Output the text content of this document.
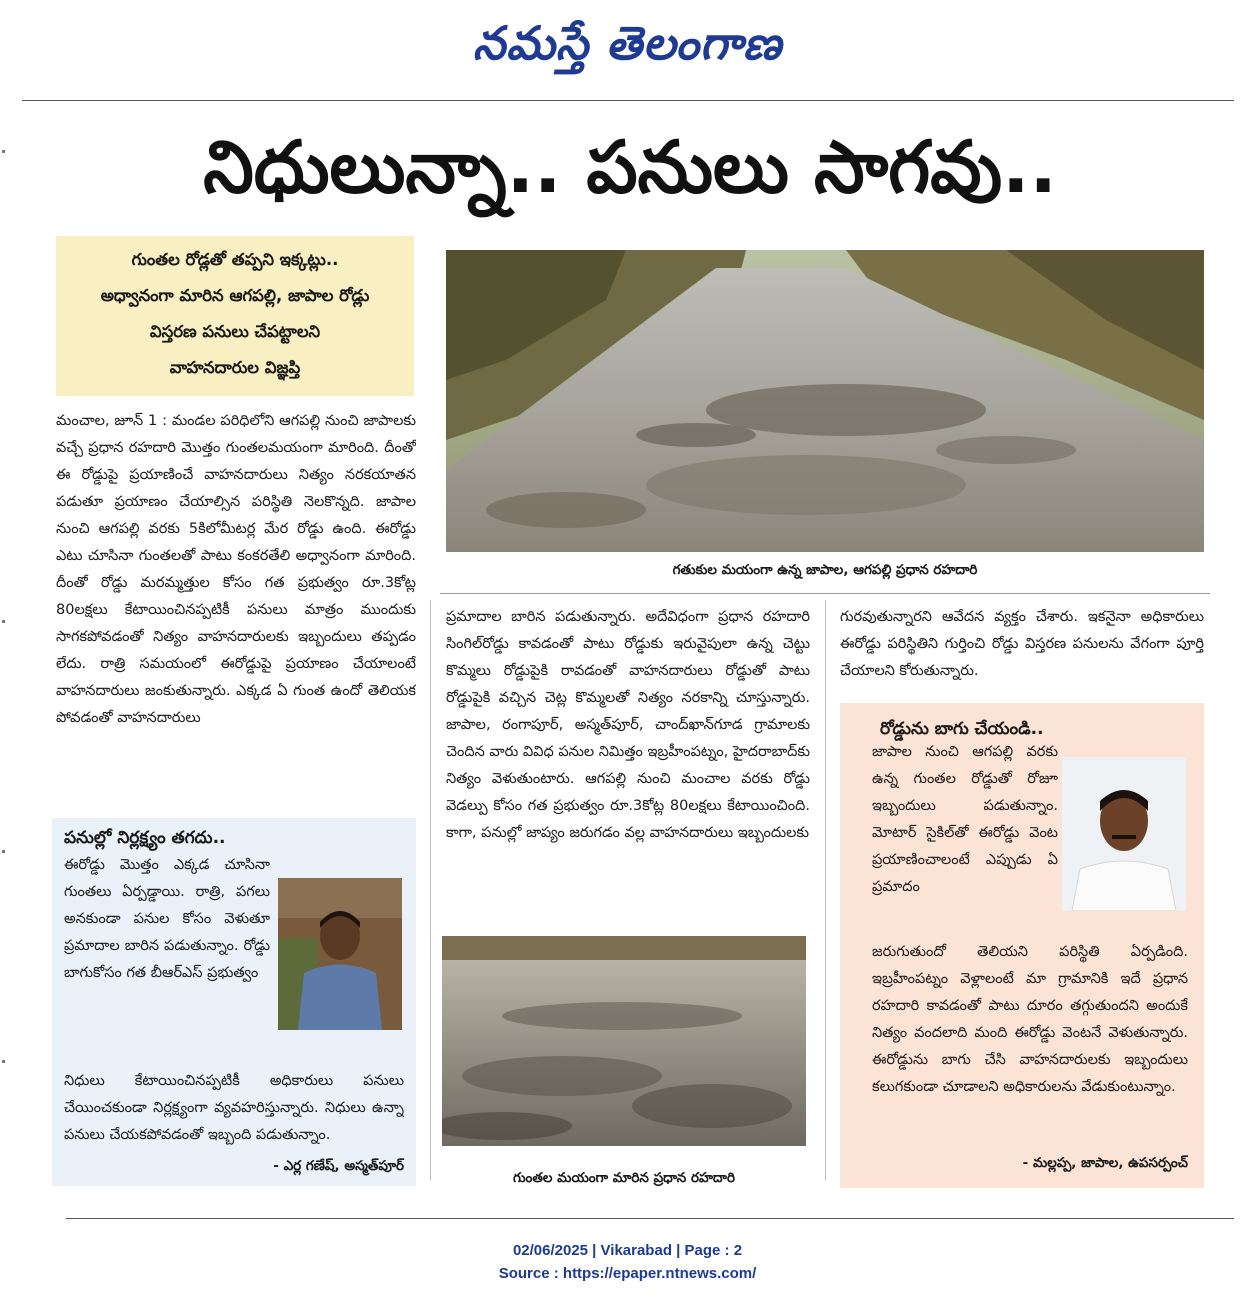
నమస్తే తెలంగాణ
నిధులున్నా.. పనులు సాగవు..
గుంతల రోడ్లతో తప్పని ఇక్కట్లు..
అధ్వానంగా మారిన ఆగపల్లి, జాపాల రోడ్లు
విస్తరణ పనులు చేపట్టాలని
వాహనదారుల విజ్ఞప్తి
గతుకుల మయంగా ఉన్న జాపాల, ఆగపల్లి ప్రధాన రహదారి
మంచాల, జూన్ 1 : మండల పరిధిలోని ఆగపల్లి నుంచి జాపాలకు వచ్చే ప్రధాన రహదారి మొత్తం గుంతలమయంగా మారింది. దీంతో ఈ రోడ్డుపై ప్రయాణించే వాహనదారులు నిత్యం నరకయాతన పడుతూ ప్రయాణం చేయాల్సిన పరిస్థితి నెలకొన్నది. జాపాల నుంచి ఆగపల్లి వరకు 5కిలోమీటర్ల మేర రోడ్డు ఉంది. ఈరోడ్డు ఎటు చూసినా గుంతలతో పాటు కంకరతేలి అధ్వానంగా మారింది. దీంతో రోడ్డు మరమ్మత్తుల కోసం గత ప్రభుత్వం రూ.3కోట్ల 80లక్షలు కేటాయించినప్పటికీ పనులు మాత్రం ముందుకు సాగకపోవడంతో నిత్యం వాహనదారులకు ఇబ్బందులు తప్పడం లేదు. రాత్రి సమయంలో ఈరోడ్డుపై ప్రయాణం చేయాలంటే వాహనదారులు జంకుతున్నారు. ఎక్కడ ఏ గుంత ఉందో తెలియక పోవడంతో వాహనదారులు
ప్రమాదాల బారిన పడుతున్నారు. అదేవిధంగా ప్రధాన రహదారి సింగిల్‌రోడ్డు కావడంతో పాటు రోడ్డుకు ఇరువైపులా ఉన్న చెట్టు కొమ్మలు రోడ్డుపైకి రావడంతో వాహనదారులు రోడ్డుతో పాటు రోడ్డుపైకి వచ్చిన చెట్ల కొమ్మలతో నిత్యం నరకాన్ని చూస్తున్నారు. జాపాల, రంగాపూర్, అస్మత్‌పూర్, చాంద్‌ఖాన్‌గూడ గ్రామాలకు చెందిన వారు వివిధ పనుల నిమిత్తం ఇబ్రహీంపట్నం, హైదరాబాద్‌కు నిత్యం వెళుతుంటారు. ఆగపల్లి నుంచి మంచాల వరకు రోడ్డు వెడల్పు కోసం గత ప్రభుత్వం రూ.3కోట్ల 80లక్షలు కేటాయించింది. కాగా, పనుల్లో జాప్యం జరుగడం వల్ల వాహనదారులు ఇబ్బందులకు
గురవుతున్నారని ఆవేదన వ్యక్తం చేశారు. ఇకనైనా అధికారులు ఈరోడ్డు పరిస్థితిని గుర్తించి రోడ్డు విస్తరణ పనులను వేగంగా పూర్తి చేయాలని కోరుతున్నారు.
గుంతల మయంగా మారిన ప్రధాన రహదారి
పనుల్లో నిర్లక్ష్యం తగదు..
ఈరోడ్డు మొత్తం ఎక్కడ చూసినా గుంతలు ఏర్పడ్డాయి. రాత్రి, పగలు అనకుండా పనుల కోసం వెళుతూ ప్రమాదాల బారిన పడుతున్నాం. రోడ్డు బాగుకోసం గత బీఆర్‌ఎస్ ప్రభుత్వం
నిధులు కేటాయించినప్పటికీ అధికారులు పనులు చేయించకుండా నిర్లక్ష్యంగా వ్యవహరిస్తున్నారు. నిధులు ఉన్నా పనులు చేయకపోవడంతో ఇబ్బంది పడుతున్నాం.
- ఎర్ల గణేష్, అస్మత్‌పూర్
రోడ్డును బాగు చేయండి..
జాపాల నుంచి ఆగపల్లి వరకు ఉన్న గుంతల రోడ్డుతో రోజూ ఇబ్బందులు పడుతున్నాం. మోటార్ సైకిల్‌తో ఈరోడ్డు వెంట ప్రయాణించాలంటే ఎప్పుడు ఏ ప్రమాదం
జరుగుతుందో తెలియని పరిస్థితి ఏర్పడింది. ఇబ్రహీంపట్నం వెళ్లాలంటే మా గ్రామానికి ఇదే ప్రధాన రహదారి కావడంతో పాటు దూరం తగ్గుతుందని అందుకే నిత్యం వందలాది మంది ఈరోడ్డు వెంటనే వెళుతున్నారు. ఈరోడ్డును బాగు చేసి వాహనదారులకు ఇబ్బందులు కలుగకుండా చూడాలని అధికారులను వేడుకుంటున్నాం.
- మల్లప్ప, జాపాల, ఉపసర్పంచ్
02/06/2025 | Vikarabad | Page : 2
Source : https://epaper.ntnews.com/
